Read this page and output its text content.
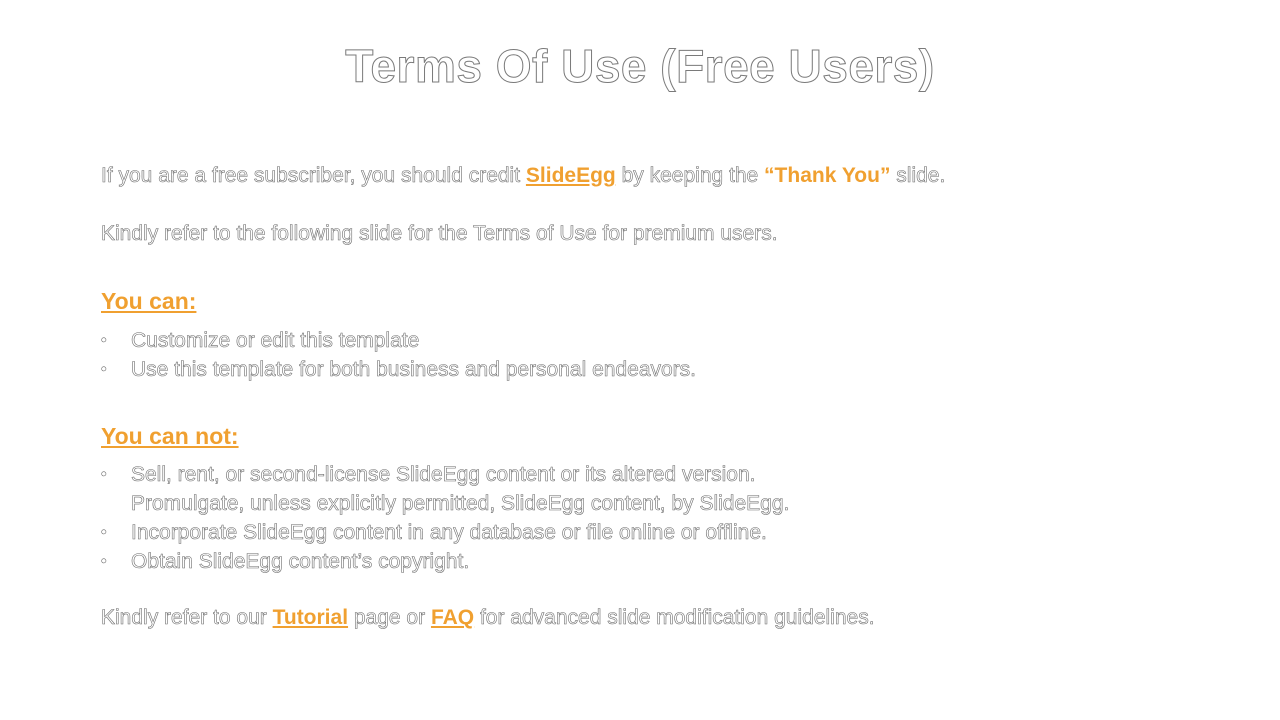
Terms Of Use (Free Users)

If you are a free subscriber, you should credit SlideEgg by keeping the “Thank You” slide.

Kindly refer to the following slide for the Terms of Use for premium users.

You can:
• Customize or edit this template
• Use this template for both business and personal endeavors.
You can not:
• Sell, rent, or second-license SlideEgg content or its altered version.
Promulgate, unless explicitly permitted, SlideEgg content, by SlideEgg.
• Incorporate SlideEgg content in any database or file online or offline.
• Obtain SlideEgg content’s copyright.

Kindly refer to our Tutorial page or FAQ for advanced slide modification guidelines.
